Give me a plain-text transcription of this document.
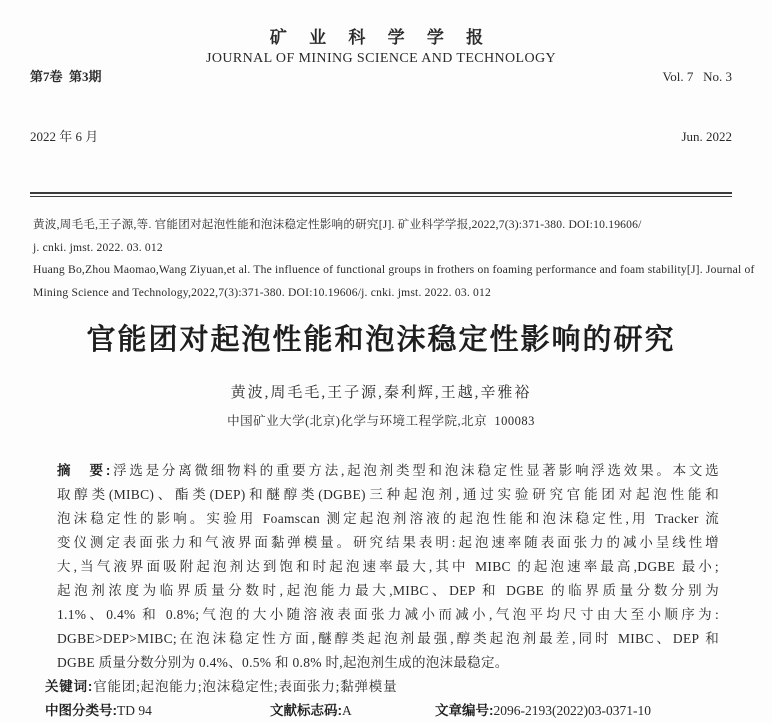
第7卷  第3期

2022 年 6 月

矿 业 科 学 学 报
JOURNAL OF MINING SCIENCE AND TECHNOLOGY

Vol. 7   No. 3

Jun. 2022

黄波,周毛毛,王子源,等. 官能团对起泡性能和泡沫稳定性影响的研究[J]. 矿业科学学报,2022,7(3):371-380. DOI:10.19606/
j. cnki. jmst. 2022. 03. 012
Huang Bo,Zhou Maomao,Wang Ziyuan,et al. The influence of functional groups in frothers on foaming performance and foam stability[J]. Journal of
Mining Science and Technology,2022,7(3):371-380. DOI:10.19606/j. cnki. jmst. 2022. 03. 012
官能团对起泡性能和泡沫稳定性影响的研究
黄波,周毛毛,王子源,秦利辉,王越,辛雅裕
中国矿业大学(北京)化学与环境工程学院,北京  100083
摘　要:浮选是分离微细物料的重要方法,起泡剂类型和泡沫稳定性显著影响浮选效果。本文选
取醇类(MIBC)、酯类(DEP)和醚醇类(DGBE)三种起泡剂,通过实验研究官能团对起泡性能和
泡沫稳定性的影响。实验用 Foamscan 测定起泡剂溶液的起泡性能和泡沫稳定性,用 Tracker 流
变仪测定表面张力和气液界面黏弹模量。研究结果表明:起泡速率随表面张力的减小呈线性增
大,当气液界面吸附起泡剂达到饱和时起泡速率最大,其中 MIBC 的起泡速率最高,DGBE 最小;
起泡剂浓度为临界质量分数时,起泡能力最大,MIBC、DEP 和 DGBE 的临界质量分数分别为
1.1%、0.4% 和 0.8%;气泡的大小随溶液表面张力减小而减小,气泡平均尺寸由大至小顺序为:
DGBE>DEP>MIBC;在泡沫稳定性方面,醚醇类起泡剂最强,醇类起泡剂最差,同时 MIBC、DEP 和
DGBE 质量分数分别为 0.4%、0.5% 和 0.8% 时,起泡剂生成的泡沫最稳定。
关键词:官能团;起泡能力;泡沫稳定性;表面张力;黏弹模量
中图分类号:TD 94	文献标志码:A	文章编号:2096-2193(2022)03-0371-10
